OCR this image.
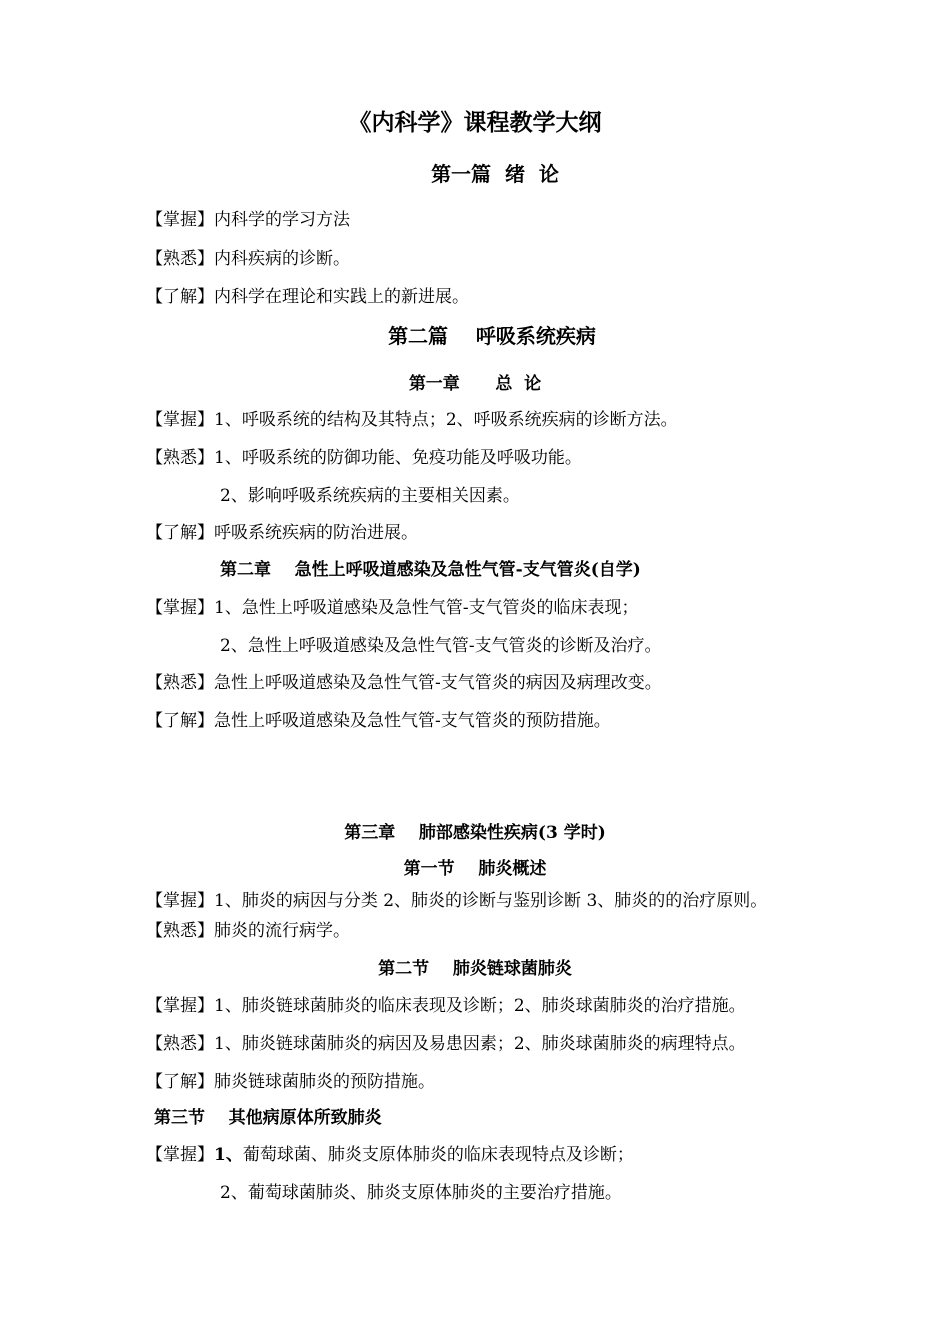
《内科学》课程教学大纲
第一篇  绪  论
【掌握】内科学的学习方法
【熟悉】内科疾病的诊断。
【了解】内科学在理论和实践上的新进展。
第二篇    呼吸系统疾病
第一章      总  论
【掌握】1、呼吸系统的结构及其特点；2、呼吸系统疾病的诊断方法。
【熟悉】1、呼吸系统的防御功能、免疫功能及呼吸功能。
2、影响呼吸系统疾病的主要相关因素。
【了解】呼吸系统疾病的防治进展。
第二章    急性上呼吸道感染及急性气管-支气管炎(自学)
【掌握】1、急性上呼吸道感染及急性气管-支气管炎的临床表现；
2、急性上呼吸道感染及急性气管-支气管炎的诊断及治疗。
【熟悉】急性上呼吸道感染及急性气管-支气管炎的病因及病理改变。
【了解】急性上呼吸道感染及急性气管-支气管炎的预防措施。
第三章    肺部感染性疾病(3 学时)
第一节    肺炎概述
【掌握】1、肺炎的病因与分类 2、肺炎的诊断与鉴别诊断 3、肺炎的的治疗原则。
【熟悉】肺炎的流行病学。
第二节    肺炎链球菌肺炎
【掌握】1、肺炎链球菌肺炎的临床表现及诊断；2、肺炎球菌肺炎的治疗措施。
【熟悉】1、肺炎链球菌肺炎的病因及易患因素；2、肺炎球菌肺炎的病理特点。
【了解】肺炎链球菌肺炎的预防措施。
第三节    其他病原体所致肺炎
【掌握】1、葡萄球菌、肺炎支原体肺炎的临床表现特点及诊断；
2、葡萄球菌肺炎、肺炎支原体肺炎的主要治疗措施。
